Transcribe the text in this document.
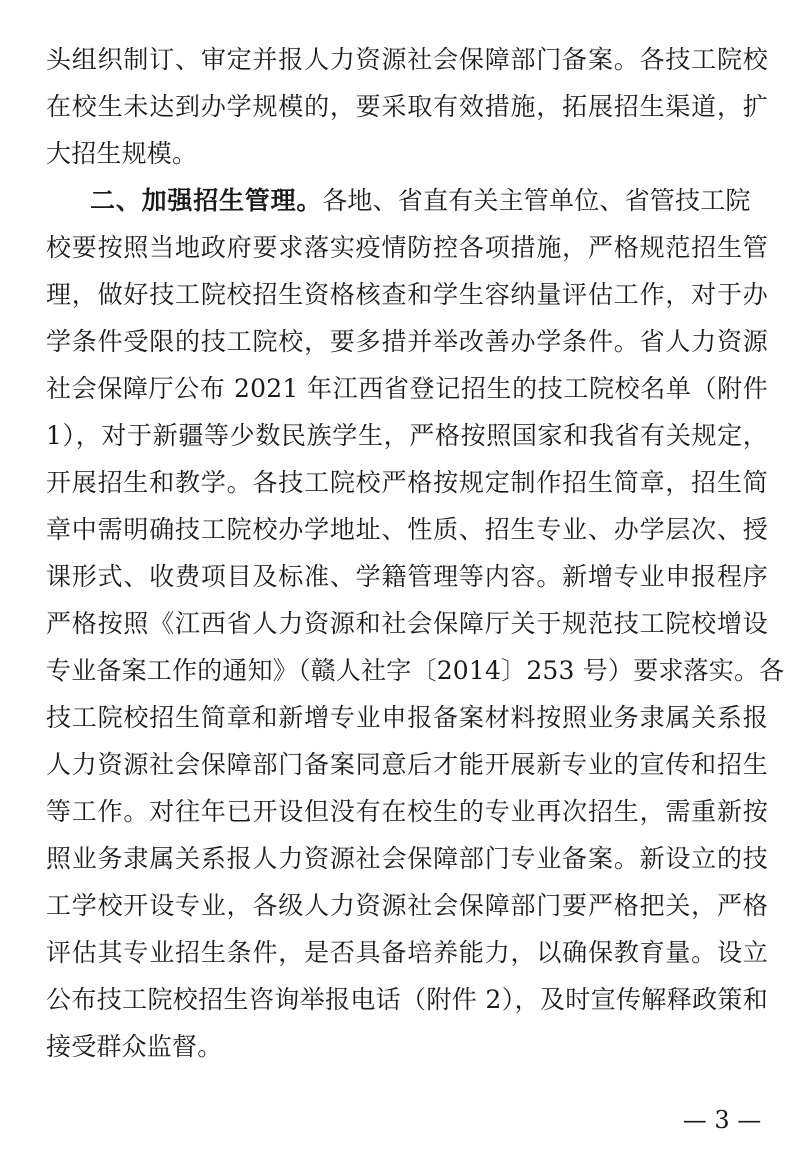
头组织制订、审定并报人力资源社会保障部门备案。各技工院校
在校生未达到办学规模的，要采取有效措施，拓展招生渠道，扩
大招生规模。
二、加强招生管理。各地、省直有关主管单位、省管技工院
校要按照当地政府要求落实疫情防控各项措施，严格规范招生管
理，做好技工院校招生资格核查和学生容纳量评估工作，对于办
学条件受限的技工院校，要多措并举改善办学条件。省人力资源
社会保障厅公布 2021 年江西省登记招生的技工院校名单（附件
1），对于新疆等少数民族学生，严格按照国家和我省有关规定，
开展招生和教学。各技工院校严格按规定制作招生简章，招生简
章中需明确技工院校办学地址、性质、招生专业、办学层次、授
课形式、收费项目及标准、学籍管理等内容。新增专业申报程序
严格按照《江西省人力资源和社会保障厅关于规范技工院校增设
专业备案工作的通知》（赣人社字〔2014〕253 号）要求落实。各
技工院校招生简章和新增专业申报备案材料按照业务隶属关系报
人力资源社会保障部门备案同意后才能开展新专业的宣传和招生
等工作。对往年已开设但没有在校生的专业再次招生，需重新按
照业务隶属关系报人力资源社会保障部门专业备案。新设立的技
工学校开设专业，各级人力资源社会保障部门要严格把关，严格
评估其专业招生条件，是否具备培养能力，以确保教育量。设立
公布技工院校招生咨询举报电话（附件 2），及时宣传解释政策和
接受群众监督。
— 3 —
